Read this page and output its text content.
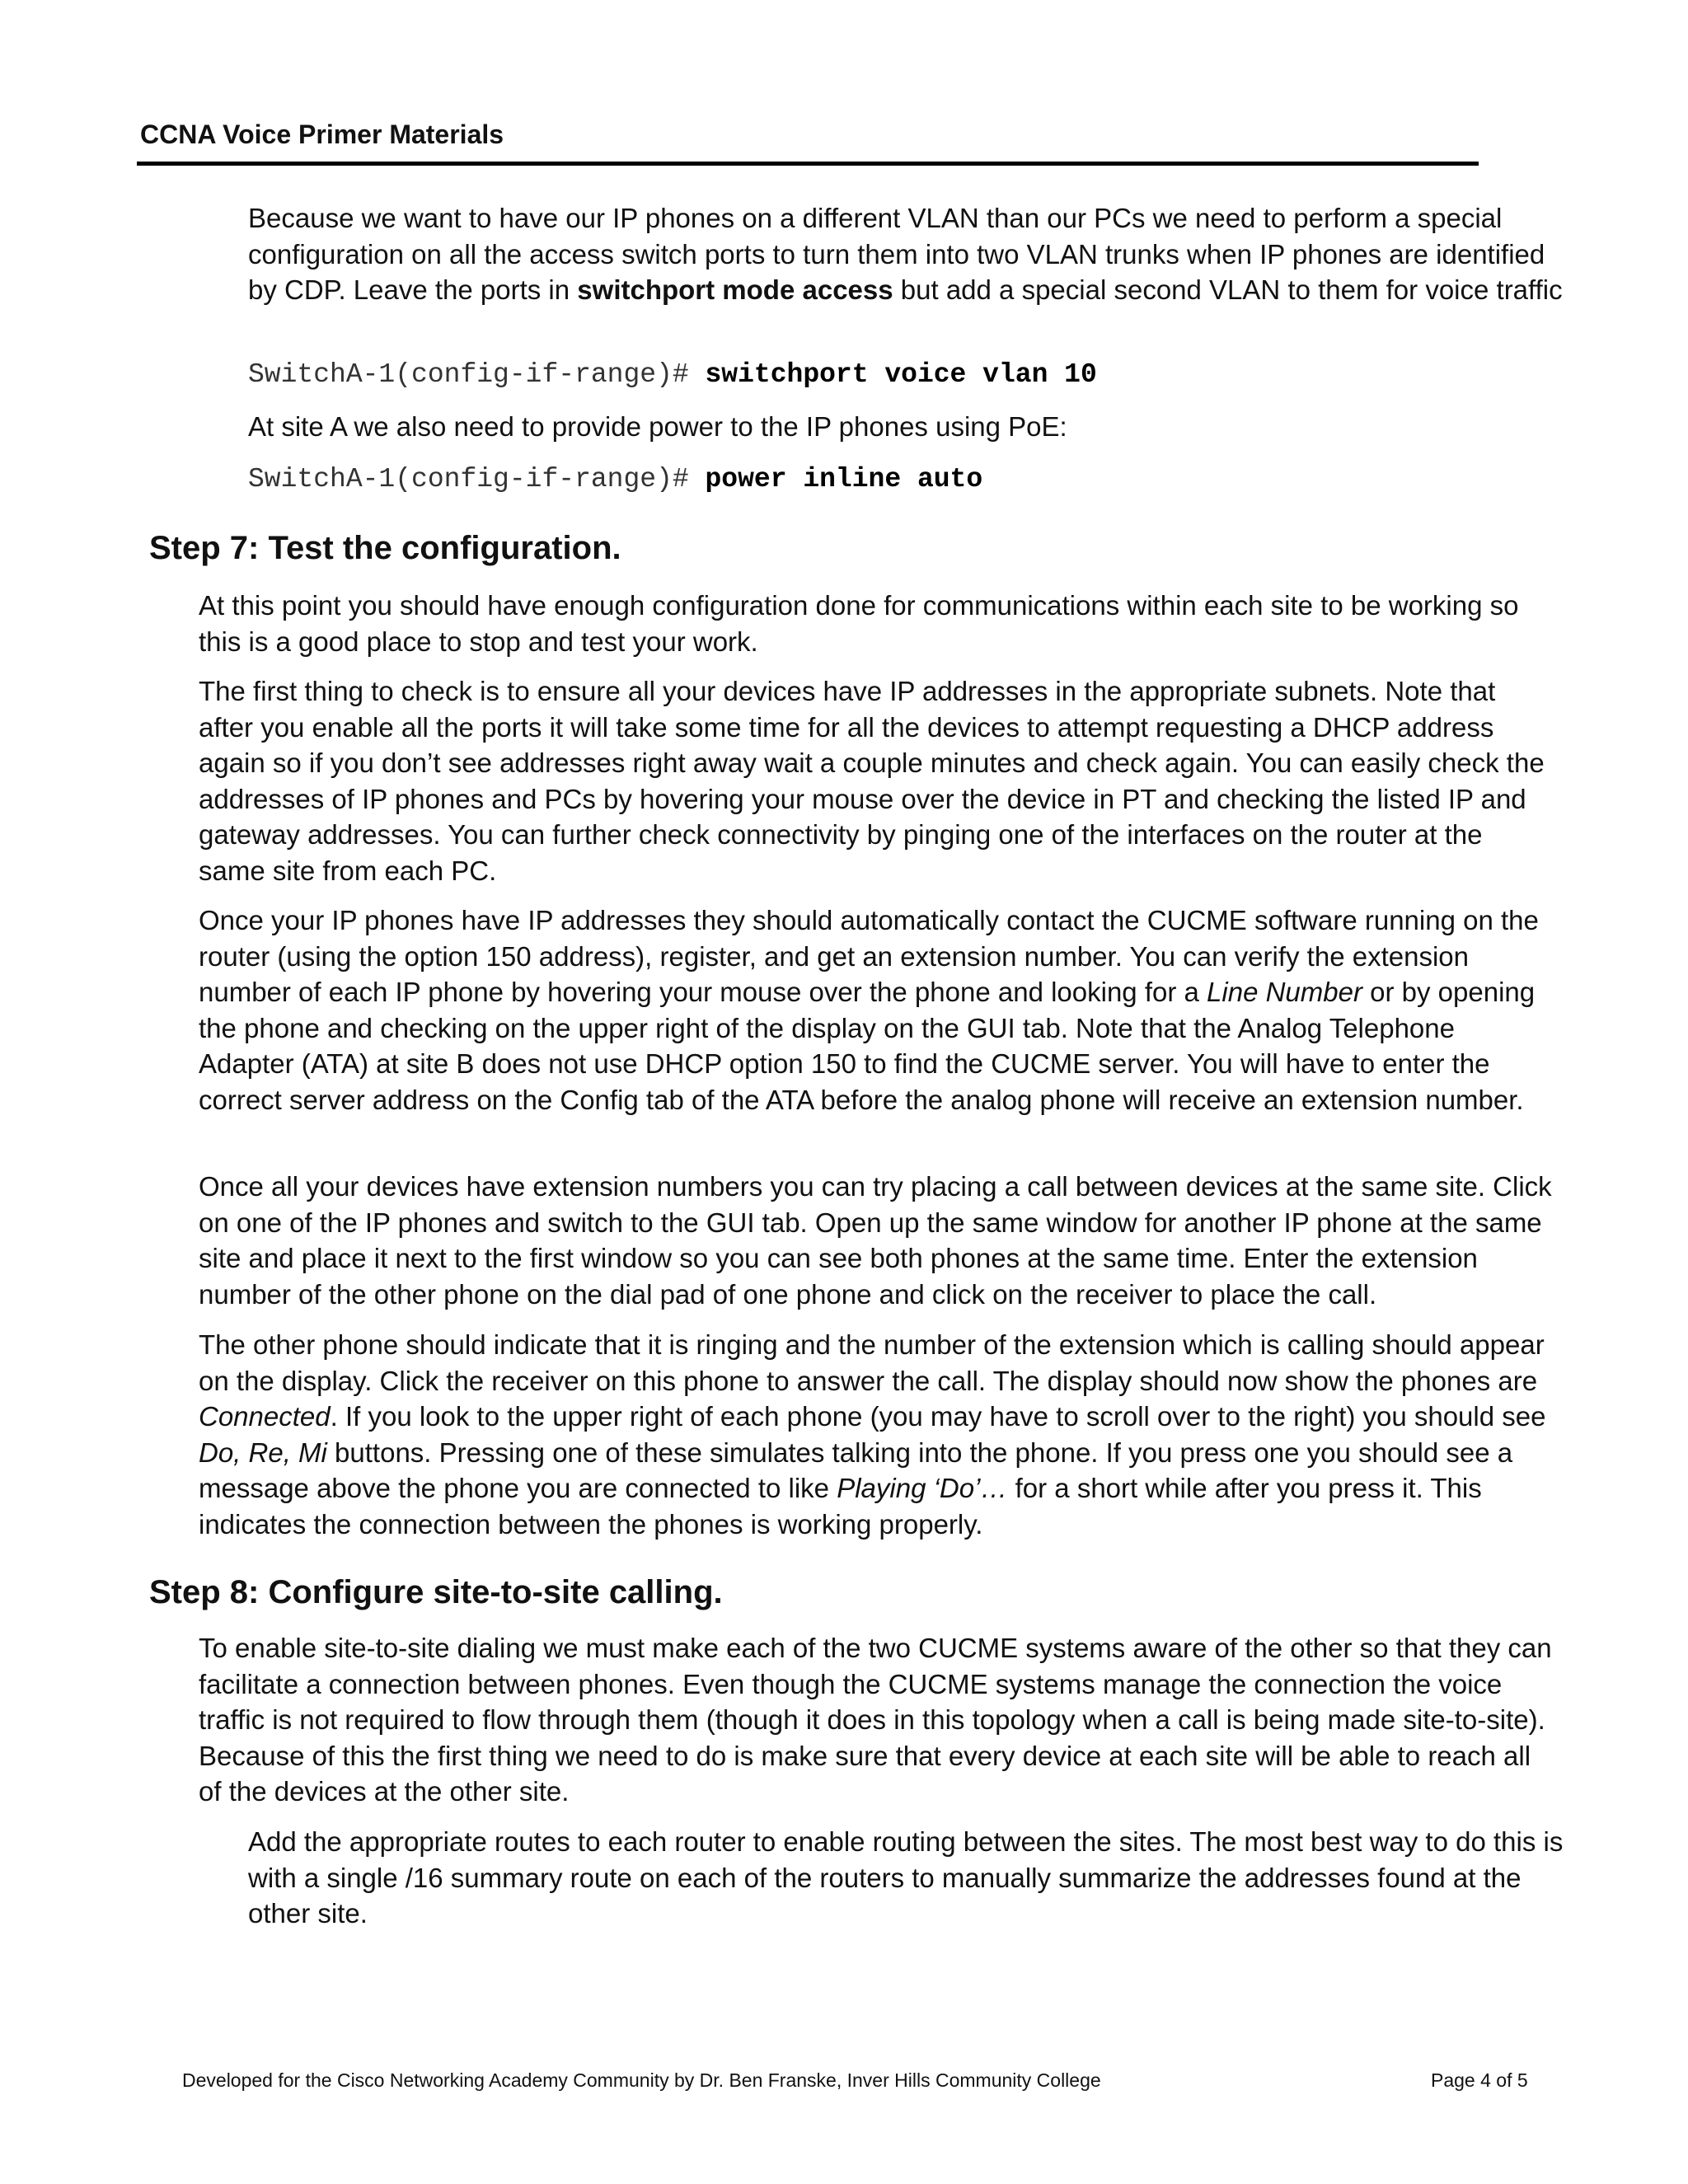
CCNA Voice Primer Materials

Because we want to have our IP phones on a different VLAN than our PCs we need to perform a special configuration on all the access switch ports to turn them into two VLAN trunks when IP phones are identified by CDP. Leave the ports in switchport mode access but add a special second VLAN to them for voice traffic

SwitchA-1(config-if-range)# switchport voice vlan 10

At site A we also need to provide power to the IP phones using PoE:

SwitchA-1(config-if-range)# power inline auto
Step 7: Test the configuration.

At this point you should have enough configuration done for communications within each site to be working so this is a good place to stop and test your work.

The first thing to check is to ensure all your devices have IP addresses in the appropriate subnets. Note that after you enable all the ports it will take some time for all the devices to attempt requesting a DHCP address again so if you don’t see addresses right away wait a couple minutes and check again. You can easily check the addresses of IP phones and PCs by hovering your mouse over the device in PT and checking the listed IP and gateway addresses. You can further check connectivity by pinging one of the interfaces on the router at the same site from each PC.

Once your IP phones have IP addresses they should automatically contact the CUCME software running on the router (using the option 150 address), register, and get an extension number. You can verify the extension number of each IP phone by hovering your mouse over the phone and looking for a Line Number or by opening the phone and checking on the upper right of the display on the GUI tab. Note that the Analog Telephone Adapter (ATA) at site B does not use DHCP option 150 to find the CUCME server. You will have to enter the correct server address on the Config tab of the ATA before the analog phone will receive an extension number.

Once all your devices have extension numbers you can try placing a call between devices at the same site. Click on one of the IP phones and switch to the GUI tab. Open up the same window for another IP phone at the same site and place it next to the first window so you can see both phones at the same time. Enter the extension number of the other phone on the dial pad of one phone and click on the receiver to place the call.

The other phone should indicate that it is ringing and the number of the extension which is calling should appear on the display. Click the receiver on this phone to answer the call. The display should now show the phones are Connected. If you look to the upper right of each phone (you may have to scroll over to the right) you should see Do, Re, Mi buttons. Pressing one of these simulates talking into the phone. If you press one you should see a message above the phone you are connected to like Playing ‘Do’… for a short while after you press it. This indicates the connection between the phones is working properly.

Step 8: Configure site-to-site calling.

To enable site-to-site dialing we must make each of the two CUCME systems aware of the other so that they can facilitate a connection between phones. Even though the CUCME systems manage the connection the voice traffic is not required to flow through them (though it does in this topology when a call is being made site-to-site). Because of this the first thing we need to do is make sure that every device at each site will be able to reach all of the devices at the other site.

Add the appropriate routes to each router to enable routing between the sites. The most best way to do this is with a single /16 summary route on each of the routers to manually summarize the addresses found at the other site.

Developed for the Cisco Networking Academy Community by Dr. Ben Franske, Inver Hills Community College	Page 4 of 5
